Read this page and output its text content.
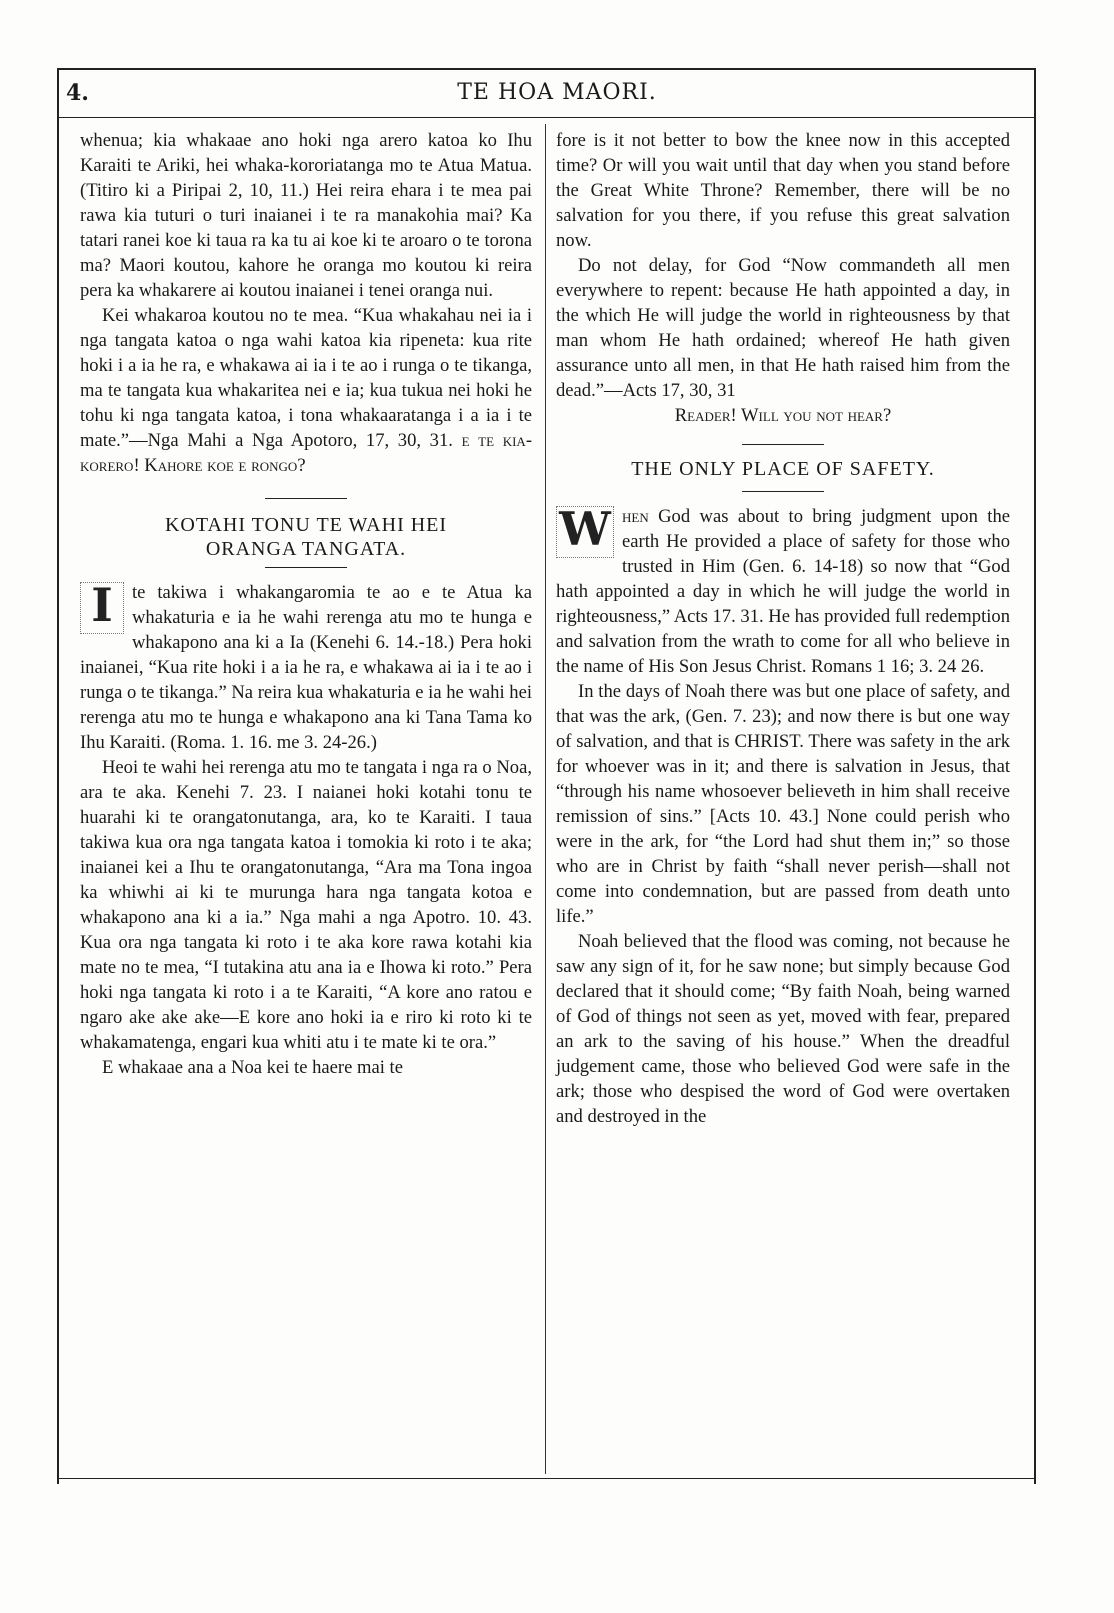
4.	TE HOA MAORI.

whenua; kia whakaae ano hoki nga arero katoa ko Ihu Karaiti te Ariki, hei whaka-kororiatanga mo te Atua Matua. (Titiro ki a Piripai 2, 10, 11.) Hei reira ehara i te mea pai rawa kia tuturi o turi inaianei i te ra manakohia mai? Ka tatari ranei koe ki taua ra ka tu ai koe ki te aroaro o te torona ma? Maori koutou, kahore he oranga mo koutou ki reira pera ka whakarere ai koutou inaianei i tenei oranga nui.

Kei whakaroa koutou no te mea. “Kua whakahau nei ia i nga tangata katoa o nga wahi katoa kia ripeneta: kua rite hoki i a ia he ra, e whakawa ai ia i te ao i runga o te tikanga, ma te tangata kua whakaritea nei e ia; kua tukua nei hoki he tohu ki nga tangata katoa, i tona whakaaratanga i a ia i te mate.”—Nga Mahi a Nga Apotoro, 17, 30, 31. e te kia-korero! Kahore koe e rongo?

KOTAHI TONU TE WAHI HEI

ORANGA TANGATA.

I	te takiwa i whakangaromia te ao e te Atua ka whakaturia e ia he wahi rerenga atu mo te hunga e whakapono ana ki a Ia (Kenehi 6. 14.-18.) Pera hoki inaianei, “Kua rite hoki i a ia he ra, e whakawa ai ia i te ao i runga o te tikanga.” Na reira kua whakaturia e ia he wahi hei rerenga atu mo te hunga e whakapono ana ki Tana Tama ko Ihu Karaiti. (Roma. 1. 16. me 3. 24-26.)

Heoi te wahi hei rerenga atu mo te tangata i nga ra o Noa, ara te aka. Kenehi 7. 23. I naianei hoki kotahi tonu te huarahi ki te orangatonutanga, ara, ko te Karaiti. I taua takiwa kua ora nga tangata katoa i tomokia ki roto i te aka; inaianei kei a Ihu te orangatonutanga, “Ara ma Tona ingoa ka whiwhi ai ki te murunga hara nga tangata kotoa e whakapono ana ki a ia.” Nga mahi a nga Apotro. 10. 43. Kua ora nga tangata ki roto i te aka kore rawa kotahi kia mate no te mea, “I tutakina atu ana ia e Ihowa ki roto.” Pera hoki nga tangata ki roto i a te Karaiti, “A kore ano ratou e ngaro ake ake ake—E kore ano hoki ia e riro ki roto ki te whakamatenga, engari kua whiti atu i te mate ki te ora.”

E whakaae ana a Noa kei te haere mai te

fore is it not better to bow the knee now in this accepted time? Or will you wait until that day when you stand before the Great White Throne? Remember, there will be no salvation for you there, if you refuse this great salvation now.

Do not delay, for God “Now commandeth all men everywhere to repent: because He hath appointed a day, in the which He will judge the world in righteousness by that man whom He hath ordained; whereof He hath given assurance unto all men, in that He hath raised him from the dead.”—Acts 17, 30, 31

Reader! Will you not hear?

THE ONLY PLACE OF SAFETY.

W hen God was about to bring judgment upon the earth He provided a place of safety for those who trusted in Him (Gen. 6. 14-18) so now that “God hath appointed a day in which he will judge the world in righteousness,” Acts 17. 31. He has provided full redemption and salvation from the wrath to come for all who believe in the name of His Son Jesus Christ. Romans 1 16; 3. 24 26.

In the days of Noah there was but one place of safety, and that was the ark, (Gen. 7. 23); and now there is but one way of salvation, and that is CHRIST. There was safety in the ark for whoever was in it; and there is salvation in Jesus, that “through his name whosoever believeth in him shall receive remission of sins.” [Acts 10. 43.] None could perish who were in the ark, for “the Lord had shut them in;” so those who are in Christ by faith “shall never perish—shall not come into condemnation, but are passed from death unto life.”

Noah believed that the flood was coming, not because he saw any sign of it, for he saw none; but simply because God declared that it should come; “By faith Noah, being warned of God of things not seen as yet, moved with fear, prepared an ark to the saving of his house.” When the dreadful judgement came, those who believed God were safe in the ark; those who despised the word of God were overtaken and destroyed in the
